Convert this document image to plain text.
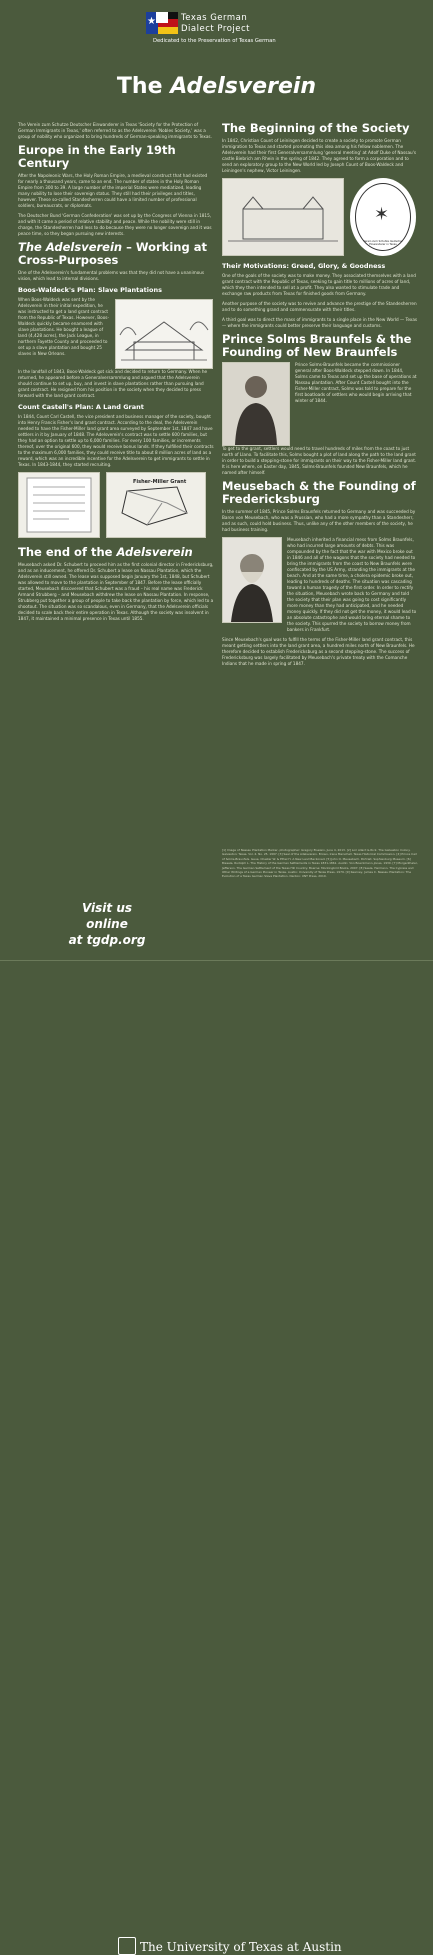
★	Texas German
Dialect Project
Dedicated to the Preservation of Texas German
The Adelsverein

The Verein zum Schutze Deutscher Einwanderer in Texas 'Society for the Protection of German Immigrants in Texas,' often referred to as the Adelsverein 'Nobles Society,' was a group of nobility who organized to bring hundreds of German-speaking immigrants to Texas.

Europe in the Early 19th Century

After the Napoleonic Wars, the Holy Roman Empire, a medieval construct that had existed for nearly a thousand years, came to an end. The number of states in the Holy Roman Empire from 300 to 39. A large number of the imperial States were mediatized, leading many nobility to lose their sovereign status. They still had their privileges and titles, however. These so-called Standesherren could have a limited number of professional soldiers, bureaucrats, or diplomats.

The Deutscher Bund 'German Confederation' was set up by the Congress of Vienna in 1815, and with it came a period of relative stability and peace. While the nobility were still in charge, the Standesherren had less to do because they were no longer sovereign and it was peace time, so they began pursuing new interests.

The Adelsverein – Working at Cross-Purposes

One of the Adelsverein's fundamental problems was that they did not have a unanimous vision, which lead to internal divisions.

Boos-Waldeck's Plan: Slave Plantations

When Boos-Waldeck was sent by the Adelsverein in their initial expedition, he was instructed to get a land grant contract from the Republic of Texas. However, Boos-Waldeck quickly became enamored with slave plantations. He bought a league of land (4,428 acres), the Jack League, in northern Fayette County and proceeded to set up a slave plantation and bought 25 slaves in New Orleans.

In the landfall of 1843, Boos-Waldeck got sick and decided to return to Germany. When he returned, he appeared before a Generalversammlung and argued that the Adelsverein should continue to set up, buy, and invest in slave plantations rather than pursuing land grant contract. He resigned from his position in the society when they decided to press forward with the land grant contract.

Count Castell's Plan: A Land Grant

In 1844, Count Carl Castell, the vice president and business manager of the society, bought into Henry Francis Fisher's land grant contract. According to the deal, the Adelsverein needed to have the Fisher-Miller land grant area surveyed by September 1st, 1847 and have settlers in it by January of 1848. The Adelsverein's contract was to settle 600 families, but they had an option to settle up to 6,000 families. For every 100 families, or increments thereof, over the original 600, they would receive bonus lands. If they fulfilled their contracts to the maximum 6,000 families, they could receive title to about 8 million acres of land as a reward, which was an incredible incentive for the Adelsverein to get immigrants to settle in Texas. In 1843-1844, they started recruiting.

Fisher-Miller Grant
The end of the Adelsverein

Meusebach asked Dr. Schubert to proceed him as the first colonial director in Fredericksburg, and as an inducement, he offered Dr. Schubert a lease on Nassau Plantation, which the Adelsverein still owned. The lease was supposed begin January the 1st, 1848, but Schubert was allowed to move to the plantation in September of 1847. Before the lease officially started, Meusebach discovered that Schubert was a fraud – his real name was Frederick Armand Strubberg – and Meusebach withdrew the lease on Nassau Plantation. In response, Strubberg put together a group of people to take back the plantation by force, which led to a shootout. The situation was so scandalous, even in Germany, that the Adelsverein officials decided to scale back their entire operation in Texas. Although the society was insolvent in 1847, it maintained a minimal presence in Texas until 1855.

Visit us online
at tgdp.org
The Beginning of the Society

In 1842, Christian Count of Leiningen decided to create a society to promote German immigration to Texas and started promoting this idea among his fellow noblemen. The Adelsverein had their first Generalversammlung 'general meeting' at Adolf Duke of Nassau's castle Biebrich am Rhein in the spring of 1842. They agreed to form a corporation and to send an exploratory group to the New World led by Joseph Count of Boos-Waldeck and Leiningen's nephew, Victor Leiningen.

✶
Verein zum Schutze deutscher Einwanderer in Texas
Their Motivations: Greed, Glory, & Goodness

One of the goals of the society was to make money. They associated themselves with a land grant contract with the Republic of Texas, seeking to gain title to millions of acres of land, which they then intended to sell at a profit. They also wanted to stimulate trade and exchange raw products from Texas for finished goods from Germany.

Another purpose of the society was to revive and advance the prestige of the Standesherren and to do something grand and commensurate with their titles.

A third goal was to direct the mass of immigrants to a single place in the New World — Texas — where the immigrants could better preserve their language and customs.

Prince Solms Braunfels & the Founding of New Braunfels

Prince Solms-Braunfels became the commissioner general after Boos-Waldeck stepped down. In 1844, Solms came to Texas and set up the base of operations at Nassau plantation. After Count Castell bought into the Fisher-Miller contract, Solms was told to prepare for the first boatloads of settlers who would begin arriving that winter of 1844.

To get to the grant, settlers would need to travel hundreds of miles from the coast to just north of Llano. To facilitate this, Solms bought a plot of land along the path to the land grant in order to build a stepping-stone for immigrants on their way to the Fisher-Miller land grant. It is here where, on Easter day, 1845, Solms-Braunfels founded New Braunfels, which he named after himself.

Meusebach & the Founding of Fredericksburg

In the summer of 1845, Prince Solms Braunfels returned to Germany and was succeeded by Baron von Meusebach, who was a Prussian, who had a more sympathy than a Standesherr, and as such, could hold business. Thus, unlike any of the other members of the society, he had business training.

Meusebach inherited a financial mess from Solms Braunfels, who had incurred large amounts of debts. This was compounded by the fact that the war with Mexico broke out in 1846 and all of the wagons that the society had needed to bring the immigrants from the coast to New Braunfels were confiscated by the US Army, stranding the immigrants at the beach. And at the same time, a cholera epidemic broke out, leading to hundreds of deaths. The situation was cascading toward a human tragedy of the first order. In order to rectify the situation, Meusebach wrote back to Germany and told the society that their plan was going to cost significantly more money than they had anticipated, and he needed money quickly. If they did not get the money, it would lead to an absolute catastrophe and would bring eternal shame to the society. This spurred the society to borrow money from bankers in Frankfurt.

Since Meusebach's goal was to fulfill the terms of the Fisher-Miller land grant contract, this meant getting settlers into the land grant area, a hundred miles north of New Braunfels. He therefore decided to establish Fredericksburg as a second stepping-stone. The success of Fredericksburg was largely facilitated by Meusebach's private treaty with the Comanche Indians that he made in spring of 1847.

[1] Image of Nassau Plantation Marker, photographer: Gregory Eiselein, June 4, 2013. [2] Lori Allard & Rick. The Galveston Colony. Galveston: Texas. Vol. 4. No. 25. 1997. [3] Seal of the Adelsverein. Brown, Irene Marschall. Texas Historical Commission. [4] Prince Carl of Solms-Braunfels. Geue, Chester W. & Ethel H. A New Land Beckoned. [5] John O. Meusebach. Portrait. Sophienburg Museum. [6] Biesele, Rudolph L. The History of the German Settlements in Texas 1831-1861. Austin: Von Boeckmann-Jones, 1930. [7] Morgenthaler, Jefferson. The German Settlement of the Texas Hill Country. Boerne: Mockingbird Books, 2007. [8] Seele, Hermann. The Cypress and Other Writings of a German Pioneer in Texas. Austin: University of Texas Press, 1979. [9] Kearney, James C. Nassau Plantation: The Evolution of a Texas German Slave Plantation. Denton: UNT Press, 2010.
The University of Texas at Austin
